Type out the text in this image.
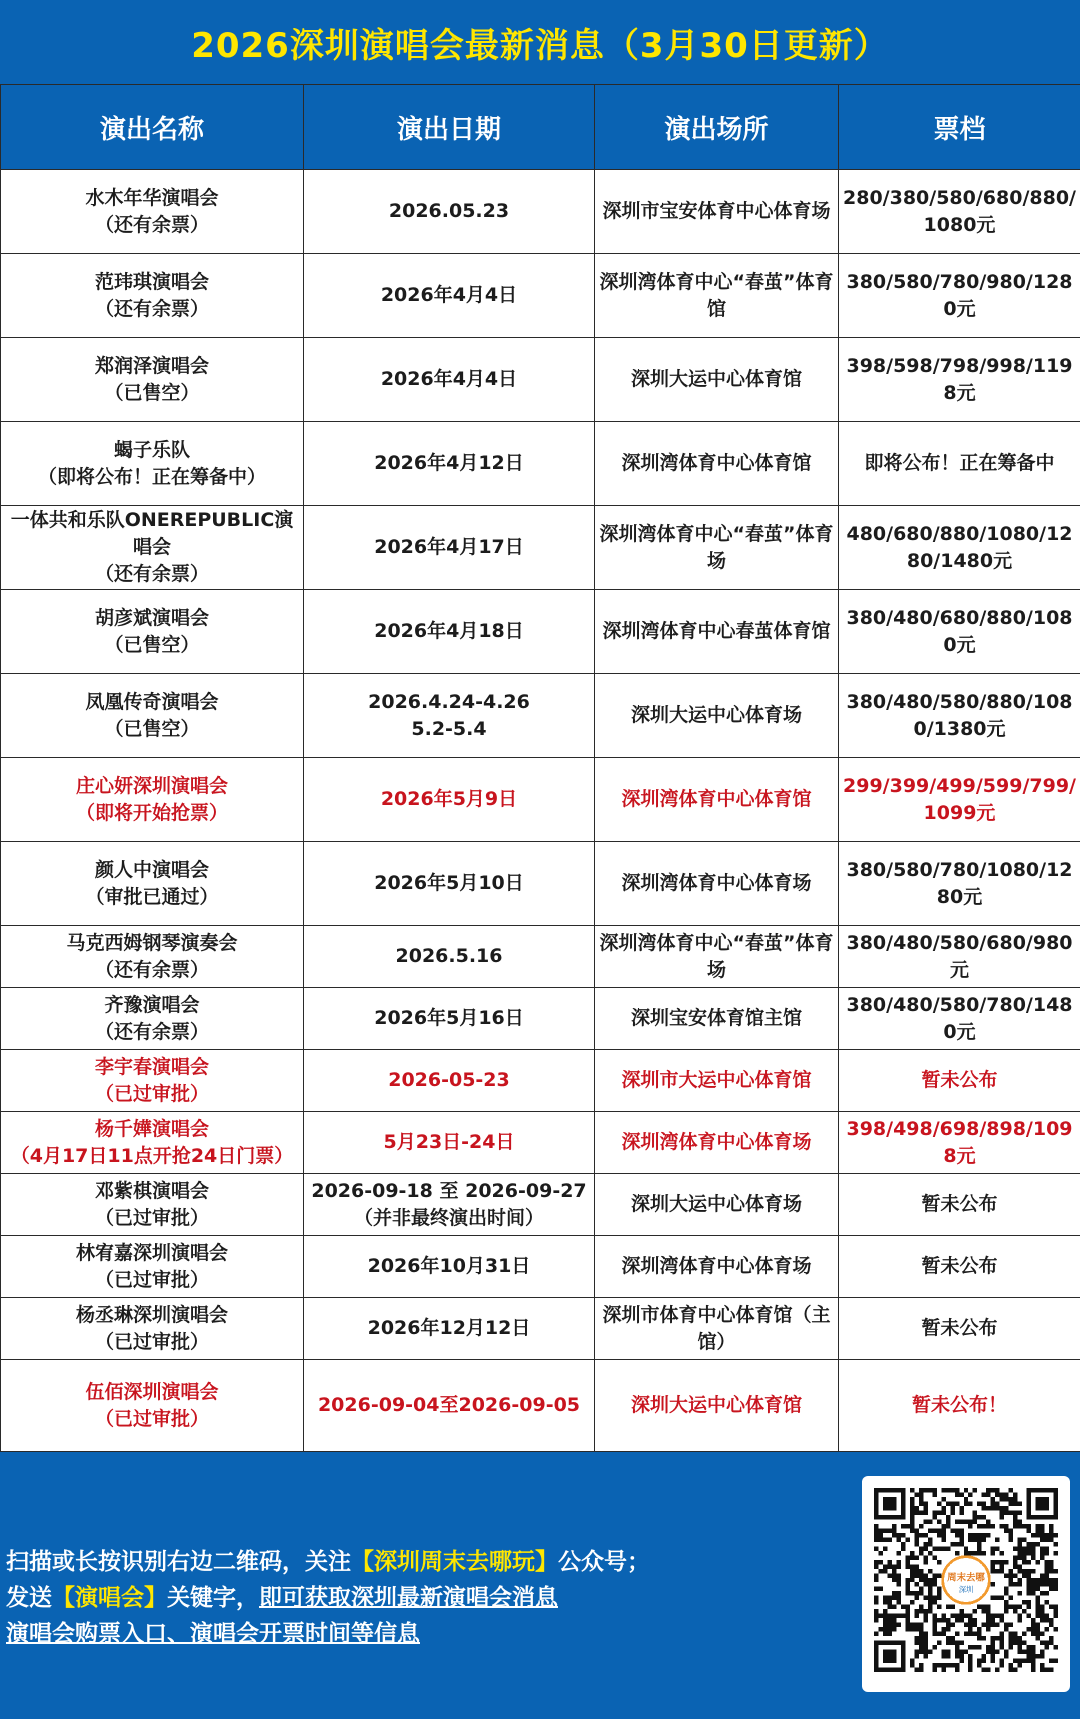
2026深圳演唱会最新消息（3月30日更新）
演出名称	演出日期	演出场所	票档

水木年华演唱会
（还有余票）	2026.05.23	深圳市宝安体育中心体育场	280/380/580/680/880/1080元

范玮琪演唱会
（还有余票）	2026年4月4日	深圳湾体育中心“春茧”体育馆	380/580/780/980/1280元

郑润泽演唱会
（已售空）	2026年4月4日	深圳大运中心体育馆	398/598/798/998/1198元

蝎子乐队
（即将公布！正在筹备中）	2026年4月12日	深圳湾体育中心体育馆	即将公布！正在筹备中

一体共和乐队ONEREPUBLIC演唱会
（还有余票）	2026年4月17日	深圳湾体育中心“春茧”体育场	480/680/880/1080/1280/1480元

胡彦斌演唱会
（已售空）	2026年4月18日	深圳湾体育中心春茧体育馆	380/480/680/880/1080元

凤凰传奇演唱会
（已售空）	2026.4.24-4.26
5.2-5.4	深圳大运中心体育场	380/480/580/880/1080/1380元

庄心妍深圳演唱会
（即将开始抢票）	2026年5月9日	深圳湾体育中心体育馆	299/399/499/599/799/1099元

颜人中演唱会
（审批已通过）	2026年5月10日	深圳湾体育中心体育场	380/580/780/1080/1280元

马克西姆钢琴演奏会
（还有余票）	2026.5.16	深圳湾体育中心“春茧”体育场	380/480/580/680/980元

齐豫演唱会
（还有余票）	2026年5月16日	深圳宝安体育馆主馆	380/480/580/780/1480元

李宇春演唱会
（已过审批）	2026-05-23	深圳市大运中心体育馆	暂未公布

杨千嬅演唱会
（4月17日11点开抢24日门票）	5月23日-24日	深圳湾体育中心体育场	398/498/698/898/1098元

邓紫棋演唱会
（已过审批）	2026-09-18 至 2026-09-27
（并非最终演出时间）	深圳大运中心体育场	暂未公布

林宥嘉深圳演唱会
（已过审批）	2026年10月31日	深圳湾体育中心体育场	暂未公布

杨丞琳深圳演唱会
（已过审批）	2026年12月12日	深圳市体育中心体育馆（主馆）	暂未公布

伍佰深圳演唱会
（已过审批）	2026-09-04至2026-09-05	深圳大运中心体育馆	暂未公布！
扫描或长按识别右边二维码，关注【深圳周末去哪玩】公众号；
发送【演唱会】关键字，即可获取深圳最新演唱会消息
演唱会购票入口、演唱会开票时间等信息
周末去哪
深圳
